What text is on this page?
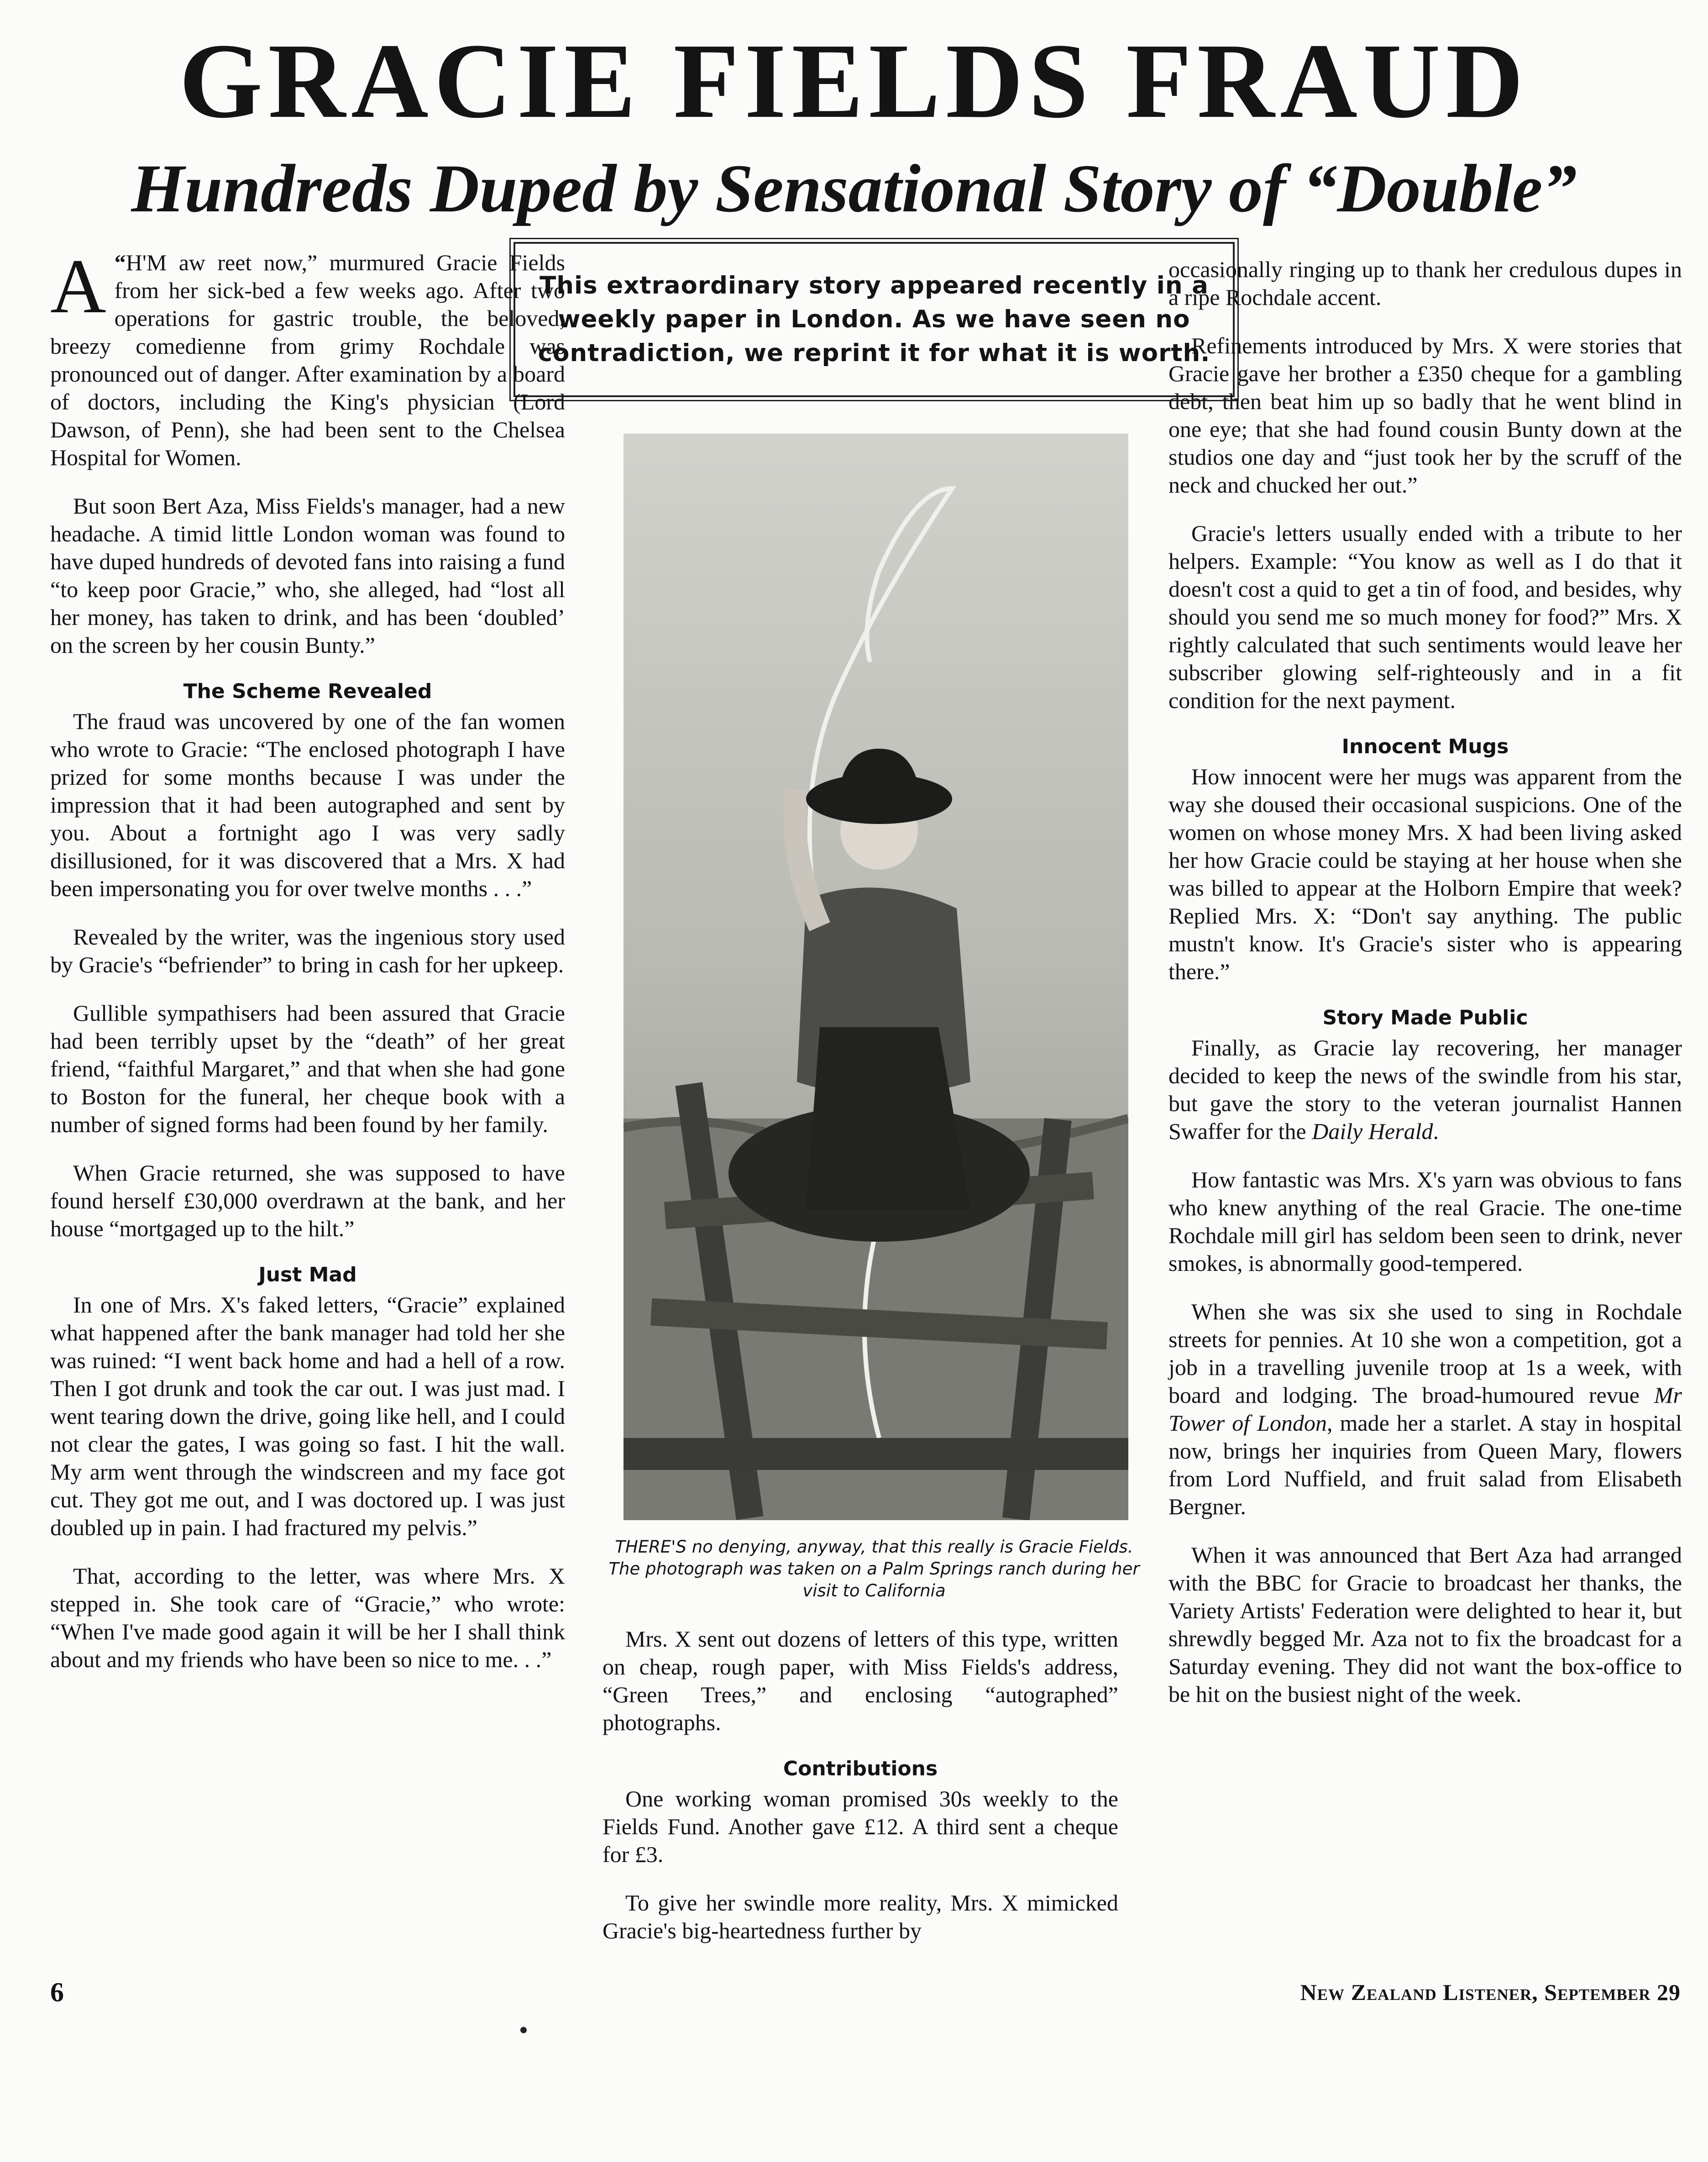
GRACIE FIELDS FRAUD
Hundreds Duped by Sensational Story of “Double”

This extraordinary story appeared recently in a weekly paper in London. As we have seen no contradiction, we reprint it for what it is worth.

“
A H'M aw reet now,” murmured Gracie Fields from her sick-bed a few weeks ago. After two operations for gastric trouble, the beloved, breezy comedienne from grimy Rochdale was pronounced out of danger. After examination by a board of doctors, including the King's physician (Lord Dawson, of Penn), she had been sent to the Chelsea Hospital for Women.

But soon Bert Aza, Miss Fields's manager, had a new headache. A timid little London woman was found to have duped hundreds of devoted fans into raising a fund “to keep poor Gracie,” who, she alleged, had “lost all her money, has taken to drink, and has been ‘doubled’ on the screen by her cousin Bunty.”

The Scheme Revealed

The fraud was uncovered by one of the fan women who wrote to Gracie: “The enclosed photograph I have prized for some months because I was under the impression that it had been autographed and sent by you. About a fortnight ago I was very sadly disillusioned, for it was discovered that a Mrs. X had been impersonating you for over twelve months . . .”

Revealed by the writer, was the ingenious story used by Gracie's “befriender” to bring in cash for her upkeep.

Gullible sympathisers had been assured that Gracie had been terribly upset by the “death” of her great friend, “faithful Margaret,” and that when she had gone to Boston for the funeral, her cheque book with a number of signed forms had been found by her family.

When Gracie returned, she was supposed to have found herself £30,000 overdrawn at the bank, and her house “mortgaged up to the hilt.”

Just Mad

In one of Mrs. X's faked letters, “Gracie” explained what happened after the bank manager had told her she was ruined: “I went back home and had a hell of a row. Then I got drunk and took the car out. I was just mad. I went tearing down the drive, going like hell, and I could not clear the gates, I was going so fast. I hit the wall. My arm went through the windscreen and my face got cut. They got me out, and I was doctored up. I was just doubled up in pain. I had fractured my pelvis.”

That, according to the letter, was where Mrs. X stepped in. She took care of “Gracie,” who wrote: “When I've made good again it will be her I shall think about and my friends who have been so nice to me. . .”

THERE'S no denying, anyway, that this really is Gracie Fields. The photograph was taken on a Palm Springs ranch during her visit to California

Mrs. X sent out dozens of letters of this type, written on cheap, rough paper, with Miss Fields's address, “Green Trees,” and enclosing “autographed” photographs.

Contributions

One working woman promised 30s weekly to the Fields Fund. Another gave £12. A third sent a cheque for £3.

To give her swindle more reality, Mrs. X mimicked Gracie's big-heartedness further by

occasionally ringing up to thank her credulous dupes in a ripe Rochdale accent.

Refinements introduced by Mrs. X were stories that Gracie gave her brother a £350 cheque for a gambling debt, then beat him up so badly that he went blind in one eye; that she had found cousin Bunty down at the studios one day and “just took her by the scruff of the neck and chucked her out.”

Gracie's letters usually ended with a tribute to her helpers. Example: “You know as well as I do that it doesn't cost a quid to get a tin of food, and besides, why should you send me so much money for food?” Mrs. X rightly calculated that such sentiments would leave her subscriber glowing self-righteously and in a fit condition for the next payment.

Innocent Mugs

How innocent were her mugs was apparent from the way she doused their occasional suspicions. One of the women on whose money Mrs. X had been living asked her how Gracie could be staying at her house when she was billed to appear at the Holborn Empire that week? Replied Mrs. X: “Don't say anything. The public mustn't know. It's Gracie's sister who is appearing there.”

Story Made Public

Finally, as Gracie lay recovering, her manager decided to keep the news of the swindle from his star, but gave the story to the veteran journalist Hannen Swaffer for the Daily Herald.

How fantastic was Mrs. X's yarn was obvious to fans who knew anything of the real Gracie. The one-time Rochdale mill girl has seldom been seen to drink, never smokes, is abnormally good-tempered.

When she was six she used to sing in Rochdale streets for pennies. At 10 she won a competition, got a job in a travelling juvenile troop at 1s a week, with board and lodging. The broad-humoured revue Mr Tower of London, made her a starlet. A stay in hospital now, brings her inquiries from Queen Mary, flowers from Lord Nuffield, and fruit salad from Elisabeth Bergner.

When it was announced that Bert Aza had arranged with the BBC for Gracie to broadcast her thanks, the Variety Artists' Federation were delighted to hear it, but shrewdly begged Mr. Aza not to fix the broadcast for a Saturday evening. They did not want the box-office to be hit on the busiest night of the week.

6	New Zealand Listener, September 29
